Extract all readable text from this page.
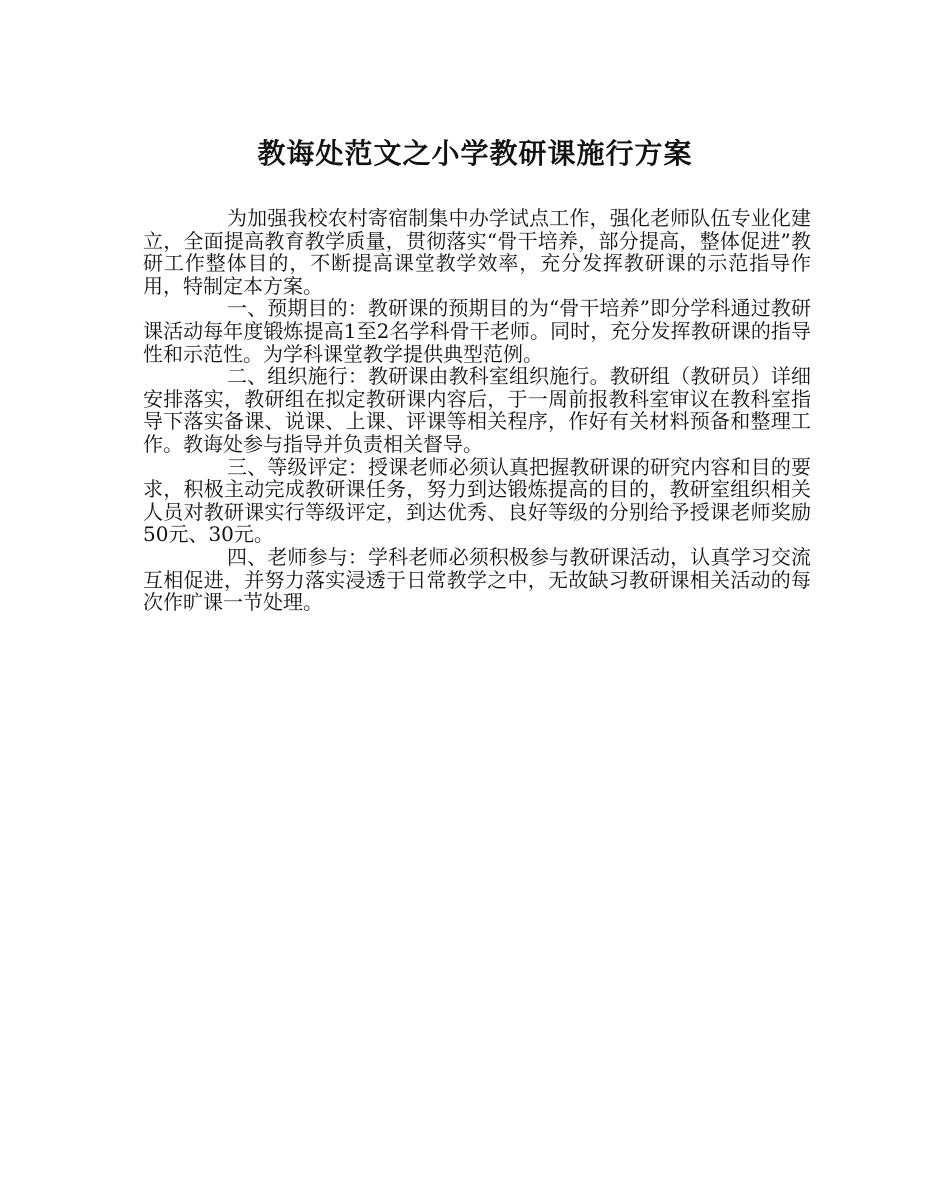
教诲处范文之小学教研课施行方案

为加强我校农村寄宿制集中办学试点工作，强化老师队伍专业化建立，全面提高教育教学质量，贯彻落实“骨干培养，部分提高，整体促进”教研工作整体目的，不断提高课堂教学效率，充分发挥教研课的示范指导作用，特制定本方案。

一、预期目的：教研课的预期目的为“骨干培养”即分学科通过教研课活动每年度锻炼提高1至2名学科骨干老师。同时，充分发挥教研课的指导性和示范性。为学科课堂教学提供典型范例。

二、组织施行：教研课由教科室组织施行。教研组（教研员）详细安排落实，教研组在拟定教研课内容后，于一周前报教科室审议在教科室指导下落实备课、说课、上课、评课等相关程序，作好有关材料预备和整理工作。教诲处参与指导并负责相关督导。

三、等级评定：授课老师必须认真把握教研课的研究内容和目的要求，积极主动完成教研课任务，努力到达锻炼提高的目的，教研室组织相关人员对教研课实行等级评定，到达优秀、良好等级的分别给予授课老师奖励50元、30元。

四、老师参与：学科老师必须积极参与教研课活动，认真学习交流互相促进，并努力落实浸透于日常教学之中，无故缺习教研课相关活动的每次作旷课一节处理。
